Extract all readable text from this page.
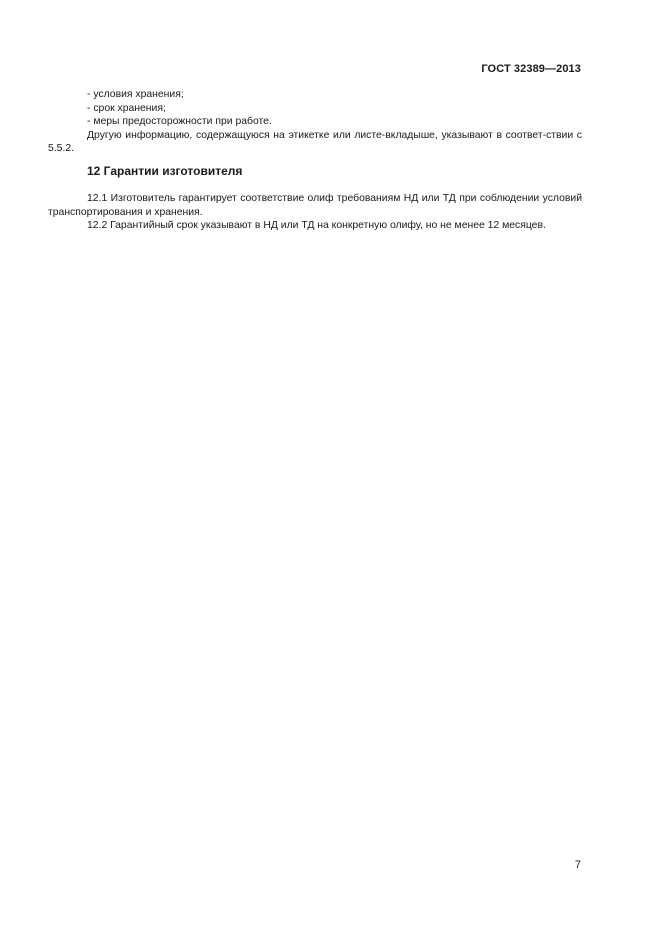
ГОСТ 32389—2013
- условия хранения;
- срок хранения;
- меры предосторожности при работе.
Другую информацию, содержащуюся на этикетке или листе-вкладыше, указывают в соответ-ствии с 5.5.2.
12 Гарантии изготовителя
12.1 Изготовитель гарантирует соответствие олиф требованиям НД или ТД при соблюдении условий транспортирования и хранения.
12.2 Гарантийный срок указывают в НД или ТД на конкретную олифу, но не менее 12 месяцев.
7
